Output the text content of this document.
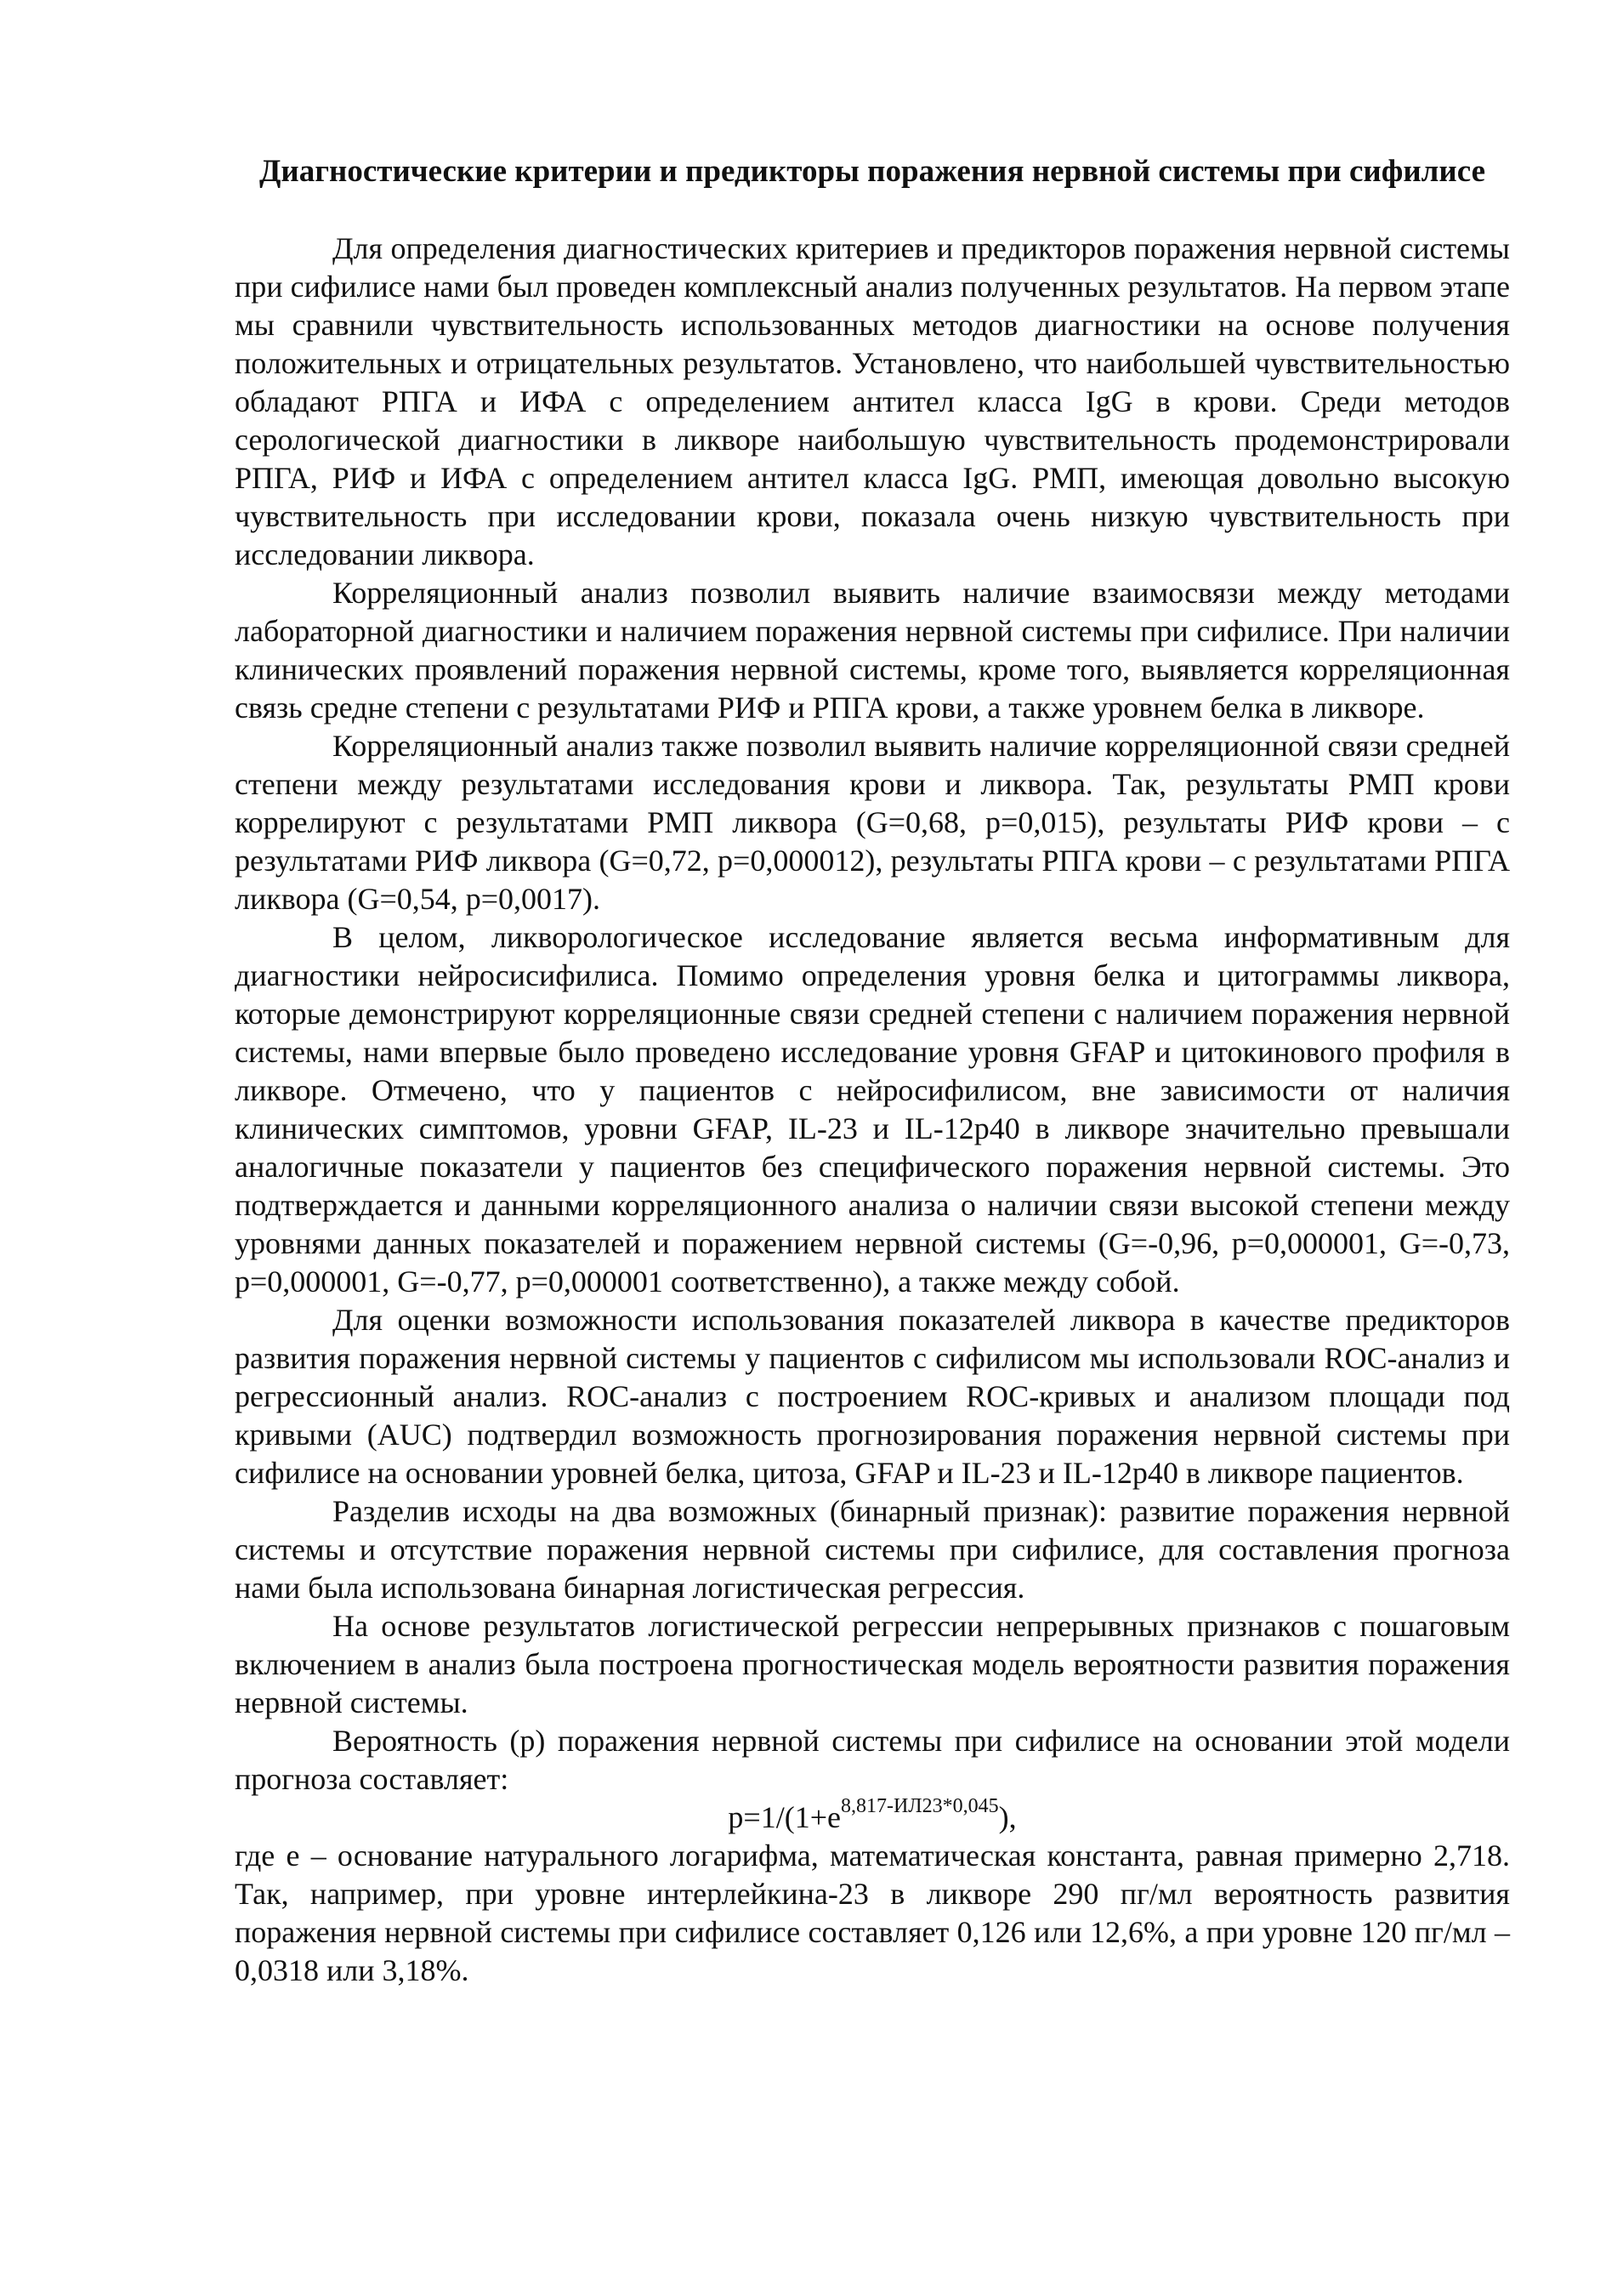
Диагностические критерии и предикторы поражения нервной системы при сифилисе

Для определения диагностических критериев и предикторов поражения нервной системы при сифилисе нами был проведен комплексный анализ полученных результатов. На первом этапе мы сравнили чувствительность использованных методов диагностики на основе получения положительных и отрицательных результатов. Установлено, что наибольшей чувствительностью обладают РПГА и ИФА с определением антител класса IgG в крови. Среди методов серологической диагностики в ликворе наибольшую чувствительность продемонстрировали РПГА, РИФ и ИФА с определением антител класса IgG. РМП, имеющая довольно высокую чувствительность при исследовании крови, показала очень низкую чувствительность при исследовании ликвора.

Корреляционный анализ позволил выявить наличие взаимосвязи между методами лабораторной диагностики и наличием поражения нервной системы при сифилисе. При наличии клинических проявлений поражения нервной системы, кроме того, выявляется корреляционная связь средне степени с результатами РИФ и РПГА крови, а также уровнем белка в ликворе.

Корреляционный анализ также позволил выявить наличие корреляционной связи средней степени между результатами исследования крови и ликвора. Так, результаты РМП крови коррелируют с результатами РМП ликвора (G=0,68, p=0,015), результаты РИФ крови – с результатами РИФ ликвора (G=0,72, p=0,000012), результаты РПГА крови – с результатами РПГА ликвора (G=0,54, p=0,0017).

В целом, ликворологическое исследование является весьма информативным для диагностики нейросисифилиса. Помимо определения уровня белка и цитограммы ликвора, которые демонстрируют корреляционные связи средней степени с наличием поражения нервной системы, нами впервые было проведено исследование уровня GFAP и цитокинового профиля в ликворе. Отмечено, что у пациентов с нейросифилисом, вне зависимости от наличия клинических симптомов, уровни GFAP, IL-23 и IL-12p40 в ликворе значительно превышали аналогичные показатели у пациентов без специфического поражения нервной системы. Это подтверждается и данными корреляционного анализа о наличии связи высокой степени между уровнями данных показателей и поражением нервной системы (G=-0,96, p=0,000001, G=-0,73, p=0,000001, G=-0,77, p=0,000001 соответственно), а также между собой.

Для оценки возможности использования показателей ликвора в качестве предикторов развития поражения нервной системы у пациентов с сифилисом мы использовали ROC-анализ и регрессионный анализ. ROC-анализ с построением ROC-кривых и анализом площади под кривыми (AUC) подтвердил возможность прогнозирования поражения нервной системы при сифилисе на основании уровней белка, цитоза, GFAP и IL-23 и IL-12p40 в ликворе пациентов.

Разделив исходы на два возможных (бинарный признак): развитие поражения нервной системы и отсутствие поражения нервной системы при сифилисе, для составления прогноза нами была использована бинарная логистическая регрессия.

На основе результатов логистической регрессии непрерывных признаков с пошаговым включением в анализ была построена прогностическая модель вероятности развития поражения нервной системы.

Вероятность (р) поражения нервной системы при сифилисе на основании этой модели прогноза составляет:

$p=1/(1+e^{8,817-ИЛ23*0,045})$,

где е – основание натурального логарифма, математическая константа, равная примерно 2,718. Так, например, при уровне интерлейкина-23 в ликворе 290 пг/мл вероятность развития поражения нервной системы при сифилисе составляет 0,126 или 12,6%, а при уровне 120 пг/мл – 0,0318 или 3,18%.
